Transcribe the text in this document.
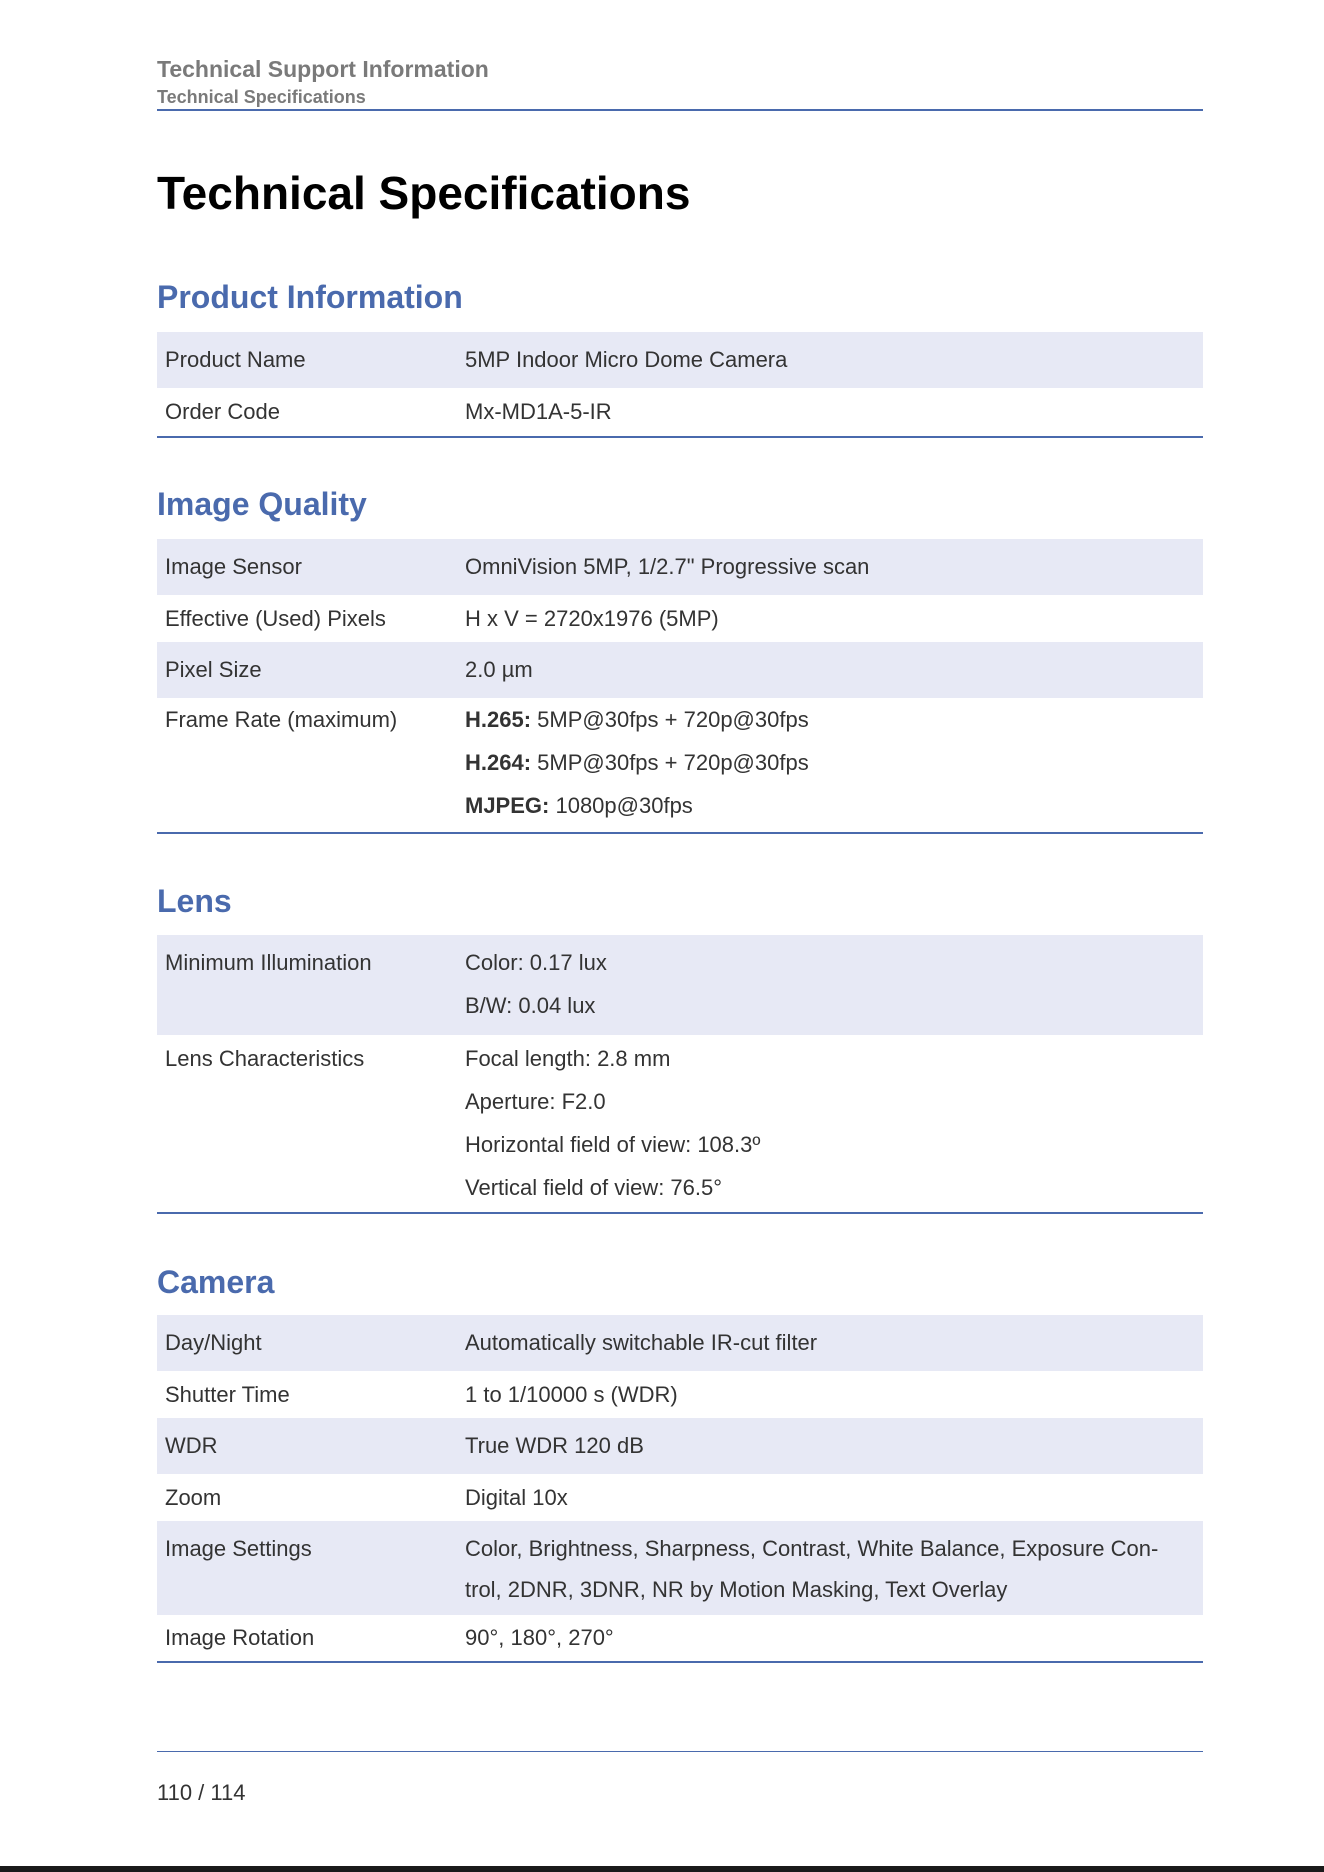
Technical Support Information
Technical Specifications
Technical Specifications
Product Information
Product Name	5MP Indoor Micro Dome Camera
Order Code	Mx-MD1A-5-IR
Image Quality
Image Sensor	OmniVision 5MP, 1/2.7" Progressive scan
Effective (Used) Pixels	H x V = 2720x1976 (5MP)
Pixel Size	2.0 µm

Frame Rate (maximum)	H.265: 5MP@30fps + 720p@30fps
H.264: 5MP@30fps + 720p@30fps
MJPEG: 1080p@30fps
Lens
Minimum Illumination	Color: 0.17 lux
B/W: 0.04 lux

Lens Characteristics	Focal length: 2.8 mm
Aperture: F2.0
Horizontal field of view: 108.3º
Vertical field of view: 76.5°
Camera
Day/Night	Automatically switchable IR-cut filter
Shutter Time	1 to 1/10000 s (WDR)
WDR	True WDR 120 dB
Zoom	Digital 10x

Image Settings	Color, Brightness, Sharpness, Contrast, White Balance, Exposure Con-
trol, 2DNR, 3DNR, NR by Motion Masking, Text Overlay

Image Rotation	90°, 180°, 270°
110 / 114
